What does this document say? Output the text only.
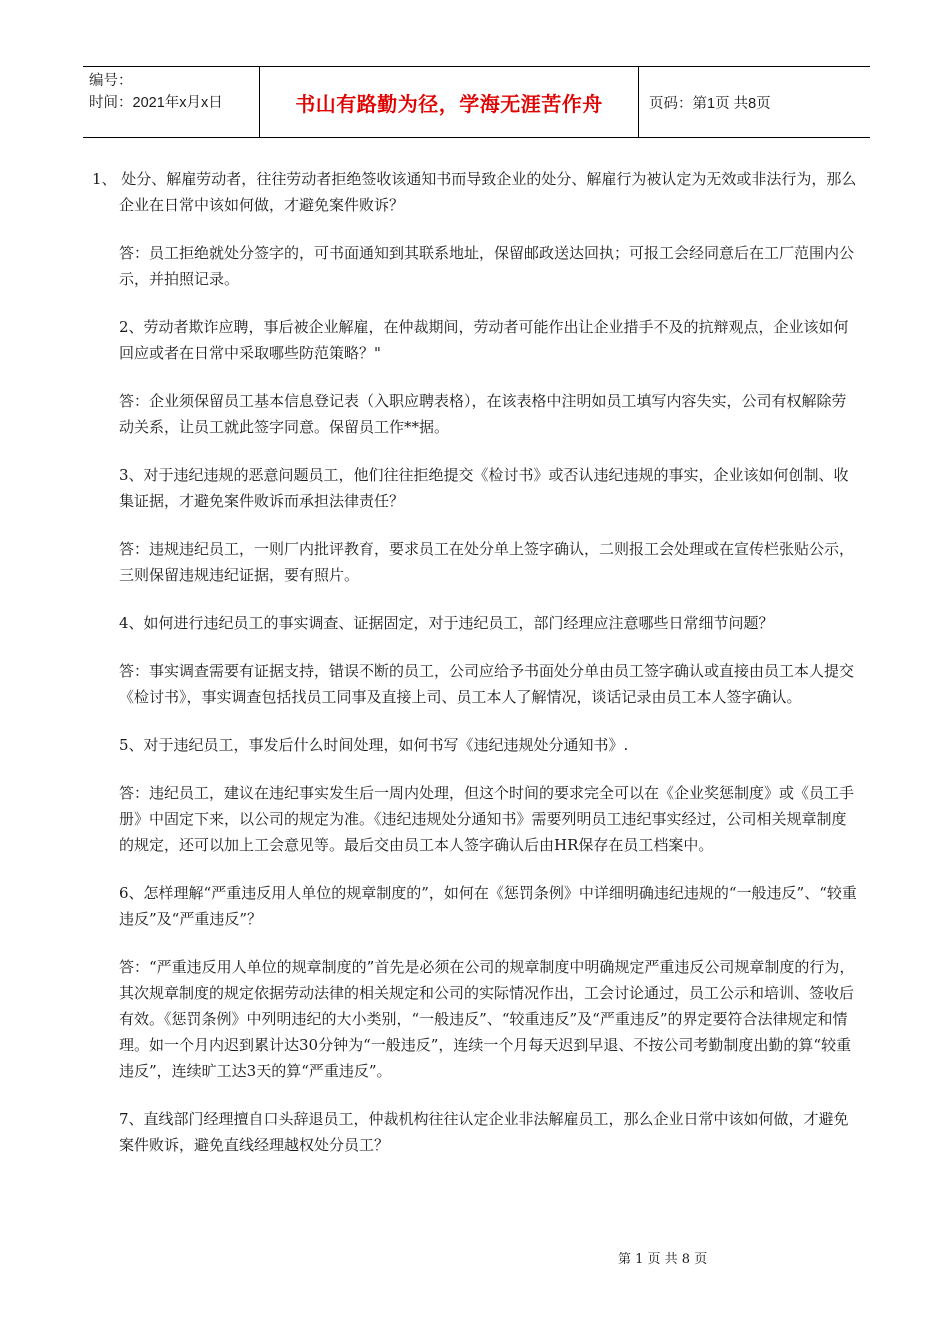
编号：
时间：2021年x月x日	书山有路勤为径，学海无涯苦作舟	页码：第1页 共8页

1、 处分、解雇劳动者，往往劳动者拒绝签收该通知书而导致企业的处分、解雇行为被认定为无效或非法行为，那么企业在日常中该如何做，才避免案件败诉？

答：员工拒绝就处分签字的，可书面通知到其联系地址，保留邮政送达回执；可报工会经同意后在工厂范围内公示，并拍照记录。

2、劳动者欺诈应聘，事后被企业解雇，在仲裁期间，劳动者可能作出让企业措手不及的抗辩观点，企业该如何回应或者在日常中采取哪些防范策略？"

答：企业须保留员工基本信息登记表（入职应聘表格），在该表格中注明如员工填写内容失实，公司有权解除劳动关系，让员工就此签字同意。保留员工作**据。

3、对于违纪违规的恶意问题员工，他们往往拒绝提交《检讨书》或否认违纪违规的事实，企业该如何创制、收集证据，才避免案件败诉而承担法律责任？

答：违规违纪员工，一则厂内批评教育，要求员工在处分单上签字确认，二则报工会处理或在宣传栏张贴公示，三则保留违规违纪证据，要有照片。

4、如何进行违纪员工的事实调查、证据固定，对于违纪员工，部门经理应注意哪些日常细节问题？

答：事实调查需要有证据支持，错误不断的员工，公司应给予书面处分单由员工签字确认或直接由员工本人提交《检讨书》，事实调查包括找员工同事及直接上司、员工本人了解情况，谈话记录由员工本人签字确认。

5、对于违纪员工，事发后什么时间处理，如何书写《违纪违规处分通知书》.

答：违纪员工，建议在违纪事实发生后一周内处理，但这个时间的要求完全可以在《企业奖惩制度》或《员工手册》中固定下来，以公司的规定为准。《违纪违规处分通知书》需要列明员工违纪事实经过，公司相关规章制度的规定，还可以加上工会意见等。最后交由员工本人签字确认后由HR保存在员工档案中。

6、怎样理解“严重违反用人单位的规章制度的”，如何在《惩罚条例》中详细明确违纪违规的“一般违反”、“较重违反”及“严重违反”？

答：“严重违反用人单位的规章制度的”首先是必须在公司的规章制度中明确规定严重违反公司规章制度的行为，其次规章制度的规定依据劳动法律的相关规定和公司的实际情况作出，工会讨论通过，员工公示和培训、签收后有效。《惩罚条例》中列明违纪的大小类别，“一般违反”、“较重违反”及“严重违反”的界定要符合法律规定和情理。如一个月内迟到累计达30分钟为“一般违反”，连续一个月每天迟到早退、不按公司考勤制度出勤的算“较重违反”，连续旷工达3天的算“严重违反”。

7、直线部门经理擅自口头辞退员工，仲裁机构往往认定企业非法解雇员工，那么企业日常中该如何做，才避免案件败诉，避免直线经理越权处分员工？

第 1 页 共 8 页
